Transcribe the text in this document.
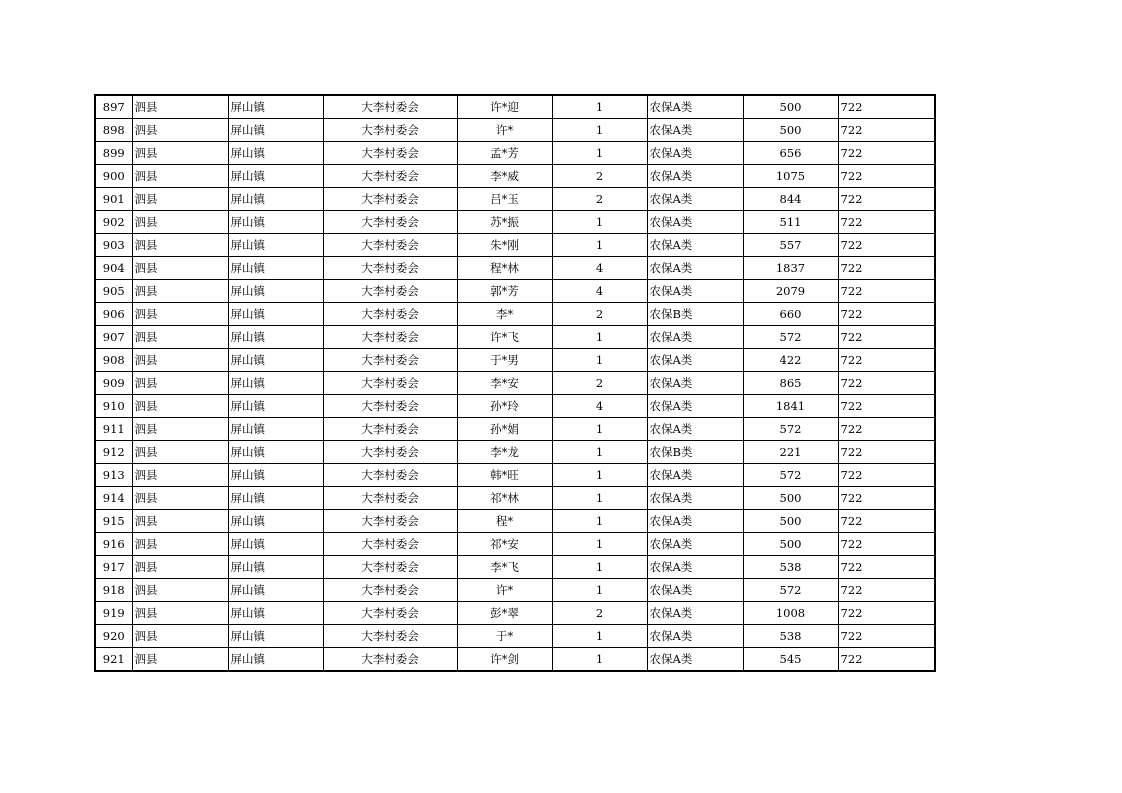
897	泗县	屏山镇	大李村委会	许*迎	1	农保A类	500	722
898	泗县	屏山镇	大李村委会	许*	1	农保A类	500	722
899	泗县	屏山镇	大李村委会	孟*芳	1	农保A类	656	722
900	泗县	屏山镇	大李村委会	李*威	2	农保A类	1075	722
901	泗县	屏山镇	大李村委会	吕*玉	2	农保A类	844	722
902	泗县	屏山镇	大李村委会	苏*振	1	农保A类	511	722
903	泗县	屏山镇	大李村委会	朱*刚	1	农保A类	557	722
904	泗县	屏山镇	大李村委会	程*林	4	农保A类	1837	722
905	泗县	屏山镇	大李村委会	郭*芳	4	农保A类	2079	722
906	泗县	屏山镇	大李村委会	李*	2	农保B类	660	722
907	泗县	屏山镇	大李村委会	许*飞	1	农保A类	572	722
908	泗县	屏山镇	大李村委会	于*男	1	农保A类	422	722
909	泗县	屏山镇	大李村委会	李*安	2	农保A类	865	722
910	泗县	屏山镇	大李村委会	孙*玲	4	农保A类	1841	722
911	泗县	屏山镇	大李村委会	孙*娟	1	农保A类	572	722
912	泗县	屏山镇	大李村委会	李*龙	1	农保B类	221	722
913	泗县	屏山镇	大李村委会	韩*旺	1	农保A类	572	722
914	泗县	屏山镇	大李村委会	祁*林	1	农保A类	500	722
915	泗县	屏山镇	大李村委会	程*	1	农保A类	500	722
916	泗县	屏山镇	大李村委会	祁*安	1	农保A类	500	722
917	泗县	屏山镇	大李村委会	李*飞	1	农保A类	538	722
918	泗县	屏山镇	大李村委会	许*	1	农保A类	572	722
919	泗县	屏山镇	大李村委会	彭*翠	2	农保A类	1008	722
920	泗县	屏山镇	大李村委会	于*	1	农保A类	538	722
921	泗县	屏山镇	大李村委会	许*剑	1	农保A类	545	722
